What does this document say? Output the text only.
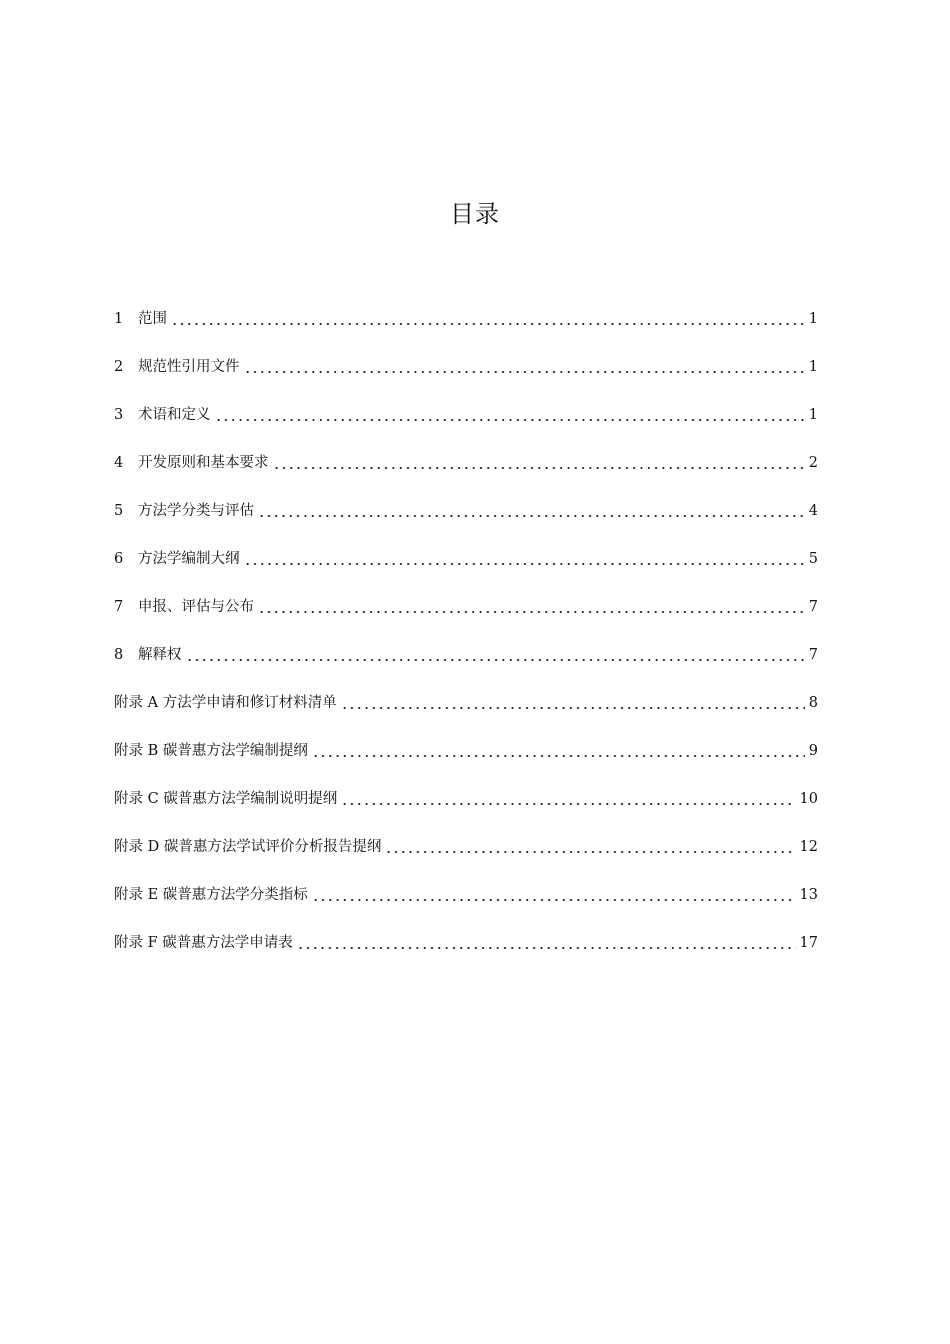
目录
1	范围	1
2	规范性引用文件	1
3	术语和定义	1
4	开发原则和基本要求	2
5	方法学分类与评估	4
6	方法学编制大纲	5
7	申报、评估与公布	7
8	解释权	7
附录 A 方法学申请和修订材料清单	8
附录 B 碳普惠方法学编制提纲	9
附录 C 碳普惠方法学编制说明提纲	10
附录 D 碳普惠方法学试评价分析报告提纲	12
附录 E 碳普惠方法学分类指标	13
附录 F 碳普惠方法学申请表	17
